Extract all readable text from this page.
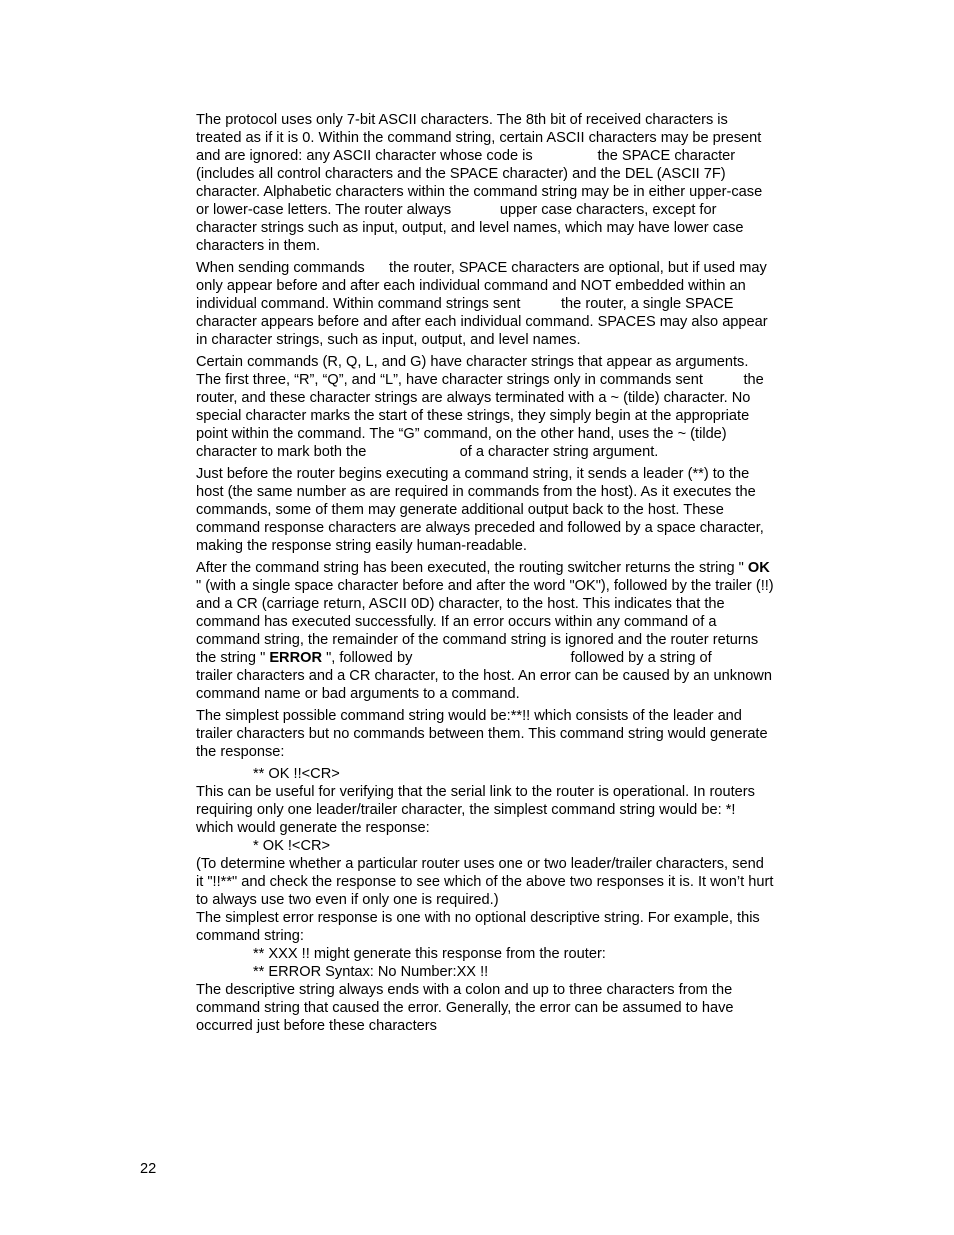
The protocol uses only 7-bit ASCII characters. The 8th bit of received characters is
treated as if it is 0. Within the command string, certain ASCII characters may be present
and are ignored: any ASCII character whose code is                the SPACE character
(includes all control characters and the SPACE character) and the DEL (ASCII 7F)
character. Alphabetic characters within the command string may be in either upper-case
or lower-case letters. The router always            upper case characters, except for
character strings such as input, output, and level names, which may have lower case
characters in them.
When sending commands      the router, SPACE characters are optional, but if used may
only appear before and after each individual command and NOT embedded within an
individual command. Within command strings sent          the router, a single SPACE
character appears before and after each individual command. SPACES may also appear
in character strings, such as input, output, and level names.
Certain commands (R, Q, L, and G) have character strings that appear as arguments.
The first three, “R”, “Q”, and “L”, have character strings only in commands sent          the
router, and these character strings are always terminated with a ~ (tilde) character. No
special character marks the start of these strings, they simply begin at the appropriate
point within the command. The “G” command, on the other hand, uses the ~ (tilde)
character to mark both the                       of a character string argument.
Just before the router begins executing a command string, it sends a leader (**) to the
host (the same number as are required in commands from the host). As it executes the
commands, some of them may generate additional output back to the host. These
command response characters are always preceded and followed by a space character,
making the response string easily human-readable.
After the command string has been executed, the routing switcher returns the string " OK
" (with a single space character before and after the word "OK"), followed by the trailer (!!)
and a CR (carriage return, ASCII 0D) character, to the host. This indicates that the
command has executed successfully. If an error occurs within any command of a
command string, the remainder of the command string is ignored and the router returns
the string " ERROR ", followed by                                       followed by a string of
trailer characters and a CR character, to the host. An error can be caused by an unknown
command name or bad arguments to a command.
The simplest possible command string would be:**!! which consists of the leader and
trailer characters but no commands between them. This command string would generate
the response:
** OK !!<CR>
This can be useful for verifying that the serial link to the router is operational. In routers
requiring only one leader/trailer character, the simplest command string would be: *!
which would generate the response:
* OK !<CR>
(To determine whether a particular router uses one or two leader/trailer characters, send
it "!!**" and check the response to see which of the above two responses it is. It won’t hurt
to always use two even if only one is required.)
The simplest error response is one with no optional descriptive string. For example, this
command string:
** XXX !! might generate this response from the router:
** ERROR Syntax: No Number:XX !!
The descriptive string always ends with a colon and up to three characters from the
command string that caused the error. Generally, the error can be assumed to have
occurred just before these characters
22
